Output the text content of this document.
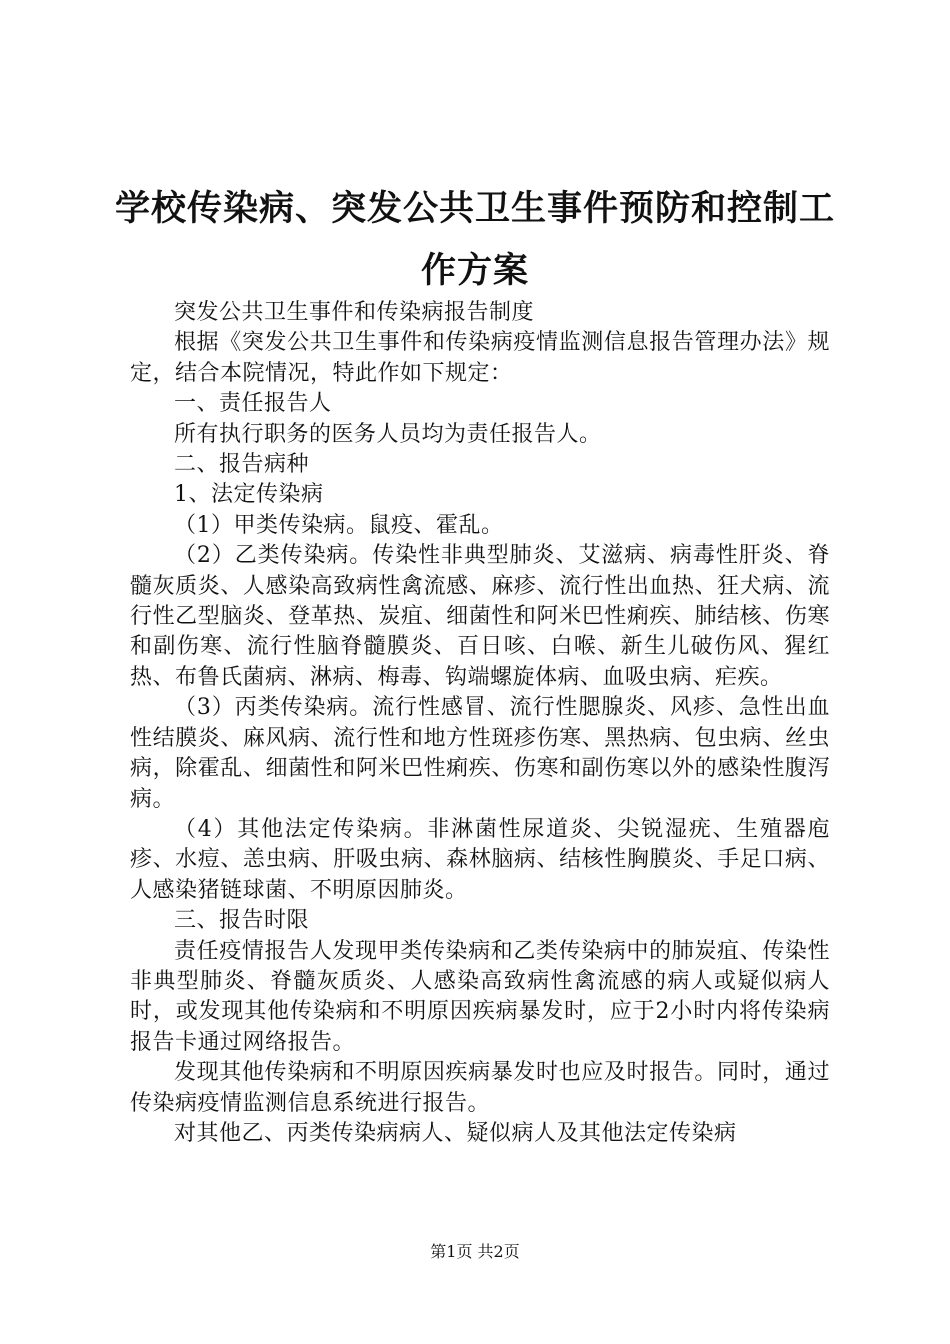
学校传染病、突发公共卫生事件预防和控制工
作方案

突发公共卫生事件和传染病报告制度

根据《突发公共卫生事件和传染病疫情监测信息报告管理办法》规定，结合本院情况，特此作如下规定：

一、责任报告人

所有执行职务的医务人员均为责任报告人。

二、报告病种

1、法定传染病

（1）甲类传染病。鼠疫、霍乱。

（2）乙类传染病。传染性非典型肺炎、艾滋病、病毒性肝炎、脊髓灰质炎、人感染高致病性禽流感、麻疹、流行性出血热、狂犬病、流行性乙型脑炎、登革热、炭疽、细菌性和阿米巴性痢疾、肺结核、伤寒和副伤寒、流行性脑脊髓膜炎、百日咳、白喉、新生儿破伤风、猩红热、布鲁氏菌病、淋病、梅毒、钩端螺旋体病、血吸虫病、疟疾。

（3）丙类传染病。流行性感冒、流行性腮腺炎、风疹、急性出血性结膜炎、麻风病、流行性和地方性斑疹伤寒、黑热病、包虫病、丝虫病，除霍乱、细菌性和阿米巴性痢疾、伤寒和副伤寒以外的感染性腹泻病。

（4）其他法定传染病。非淋菌性尿道炎、尖锐湿疣、生殖器庖疹、水痘、恙虫病、肝吸虫病、森林脑病、结核性胸膜炎、手足口病、人感染猪链球菌、不明原因肺炎。

三、报告时限

责任疫情报告人发现甲类传染病和乙类传染病中的肺炭疽、传染性非典型肺炎、脊髓灰质炎、人感染高致病性禽流感的病人或疑似病人时，或发现其他传染病和不明原因疾病暴发时，应于2小时内将传染病报告卡通过网络报告。

发现其他传染病和不明原因疾病暴发时也应及时报告。同时，通过传染病疫情监测信息系统进行报告。

对其他乙、丙类传染病病人、疑似病人及其他法定传染病

第1页 共2页
